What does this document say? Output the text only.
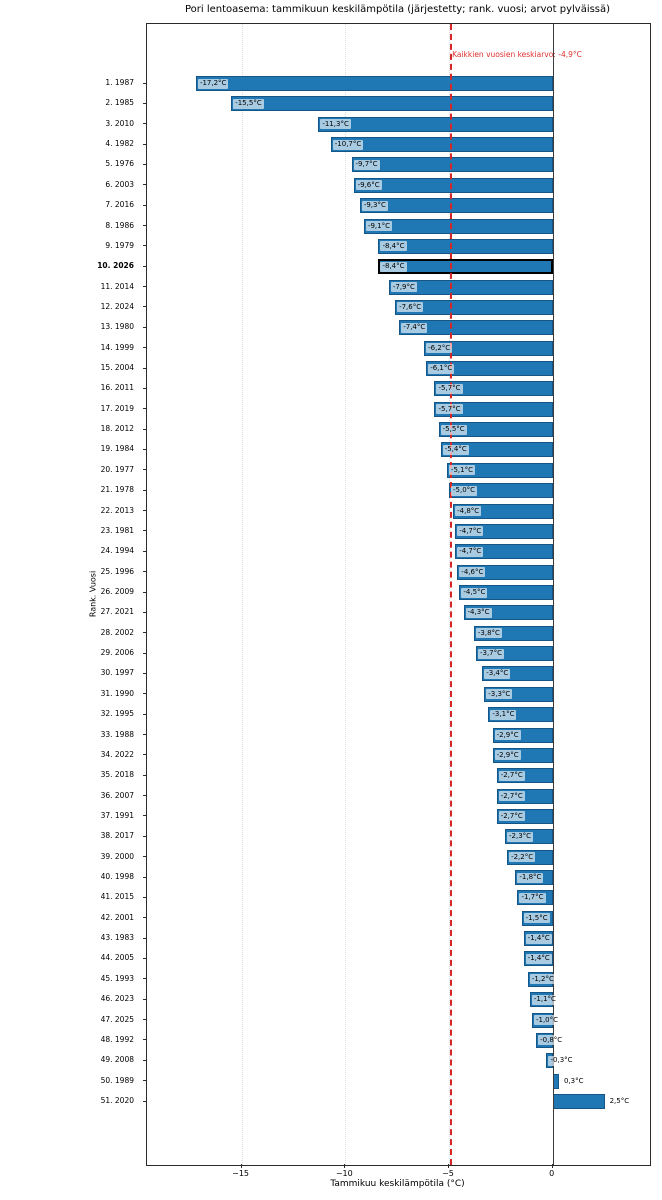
Pori lentoasema: tammikuun keskilämpötila (järjestetty; rank. vuosi; arvot pylväissä)
Rank. Vuosi
-17,2°C
-15,5°C
-11,3°C
-10,7°C
-9,7°C
-9,6°C
-9,3°C
-9,1°C
-8,4°C
-8,4°C
-7,9°C
-7,6°C
-7,4°C
-6,2°C
-6,1°C
-5,7°C
-5,7°C
-5,5°C
-5,4°C
-5,1°C
-5,0°C
-4,8°C
-4,7°C
-4,7°C
-4,6°C
-4,5°C
-4,3°C
-3,8°C
-3,7°C
-3,4°C
-3,3°C
-3,1°C
-2,9°C
-2,9°C
-2,7°C
-2,7°C
-2,7°C
-2,3°C
-2,2°C
-1,8°C
-1,7°C
-1,5°C
-1,4°C
-1,4°C
-1,2°C
-1,1°C
-1,0°C
-0,8°C
-0,3°C
0,3°C
2,5°C
1. 1987
2. 1985
3. 2010
4. 1982
5. 1976
6. 2003
7. 2016
8. 1986
9. 1979
10. 2026
11. 2014
12. 2024
13. 1980
14. 1999
15. 2004
16. 2011
17. 2019
18. 2012
19. 1984
20. 1977
21. 1978
22. 2013
23. 1981
24. 1994
25. 1996
26. 2009
27. 2021
28. 2002
29. 2006
30. 1997
31. 1990
32. 1995
33. 1988
34. 2022
35. 2018
36. 2007
37. 1991
38. 2017
39. 2000
40. 1998
41. 2015
42. 2001
43. 1983
44. 2005
45. 1993
46. 2023
47. 2025
48. 1992
49. 2008
50. 1989
51. 2020
−15	−10	−5	0
Kaikkien vuosien keskiarvo: -4,9°C
Tammikuu keskilämpötila (°C)
